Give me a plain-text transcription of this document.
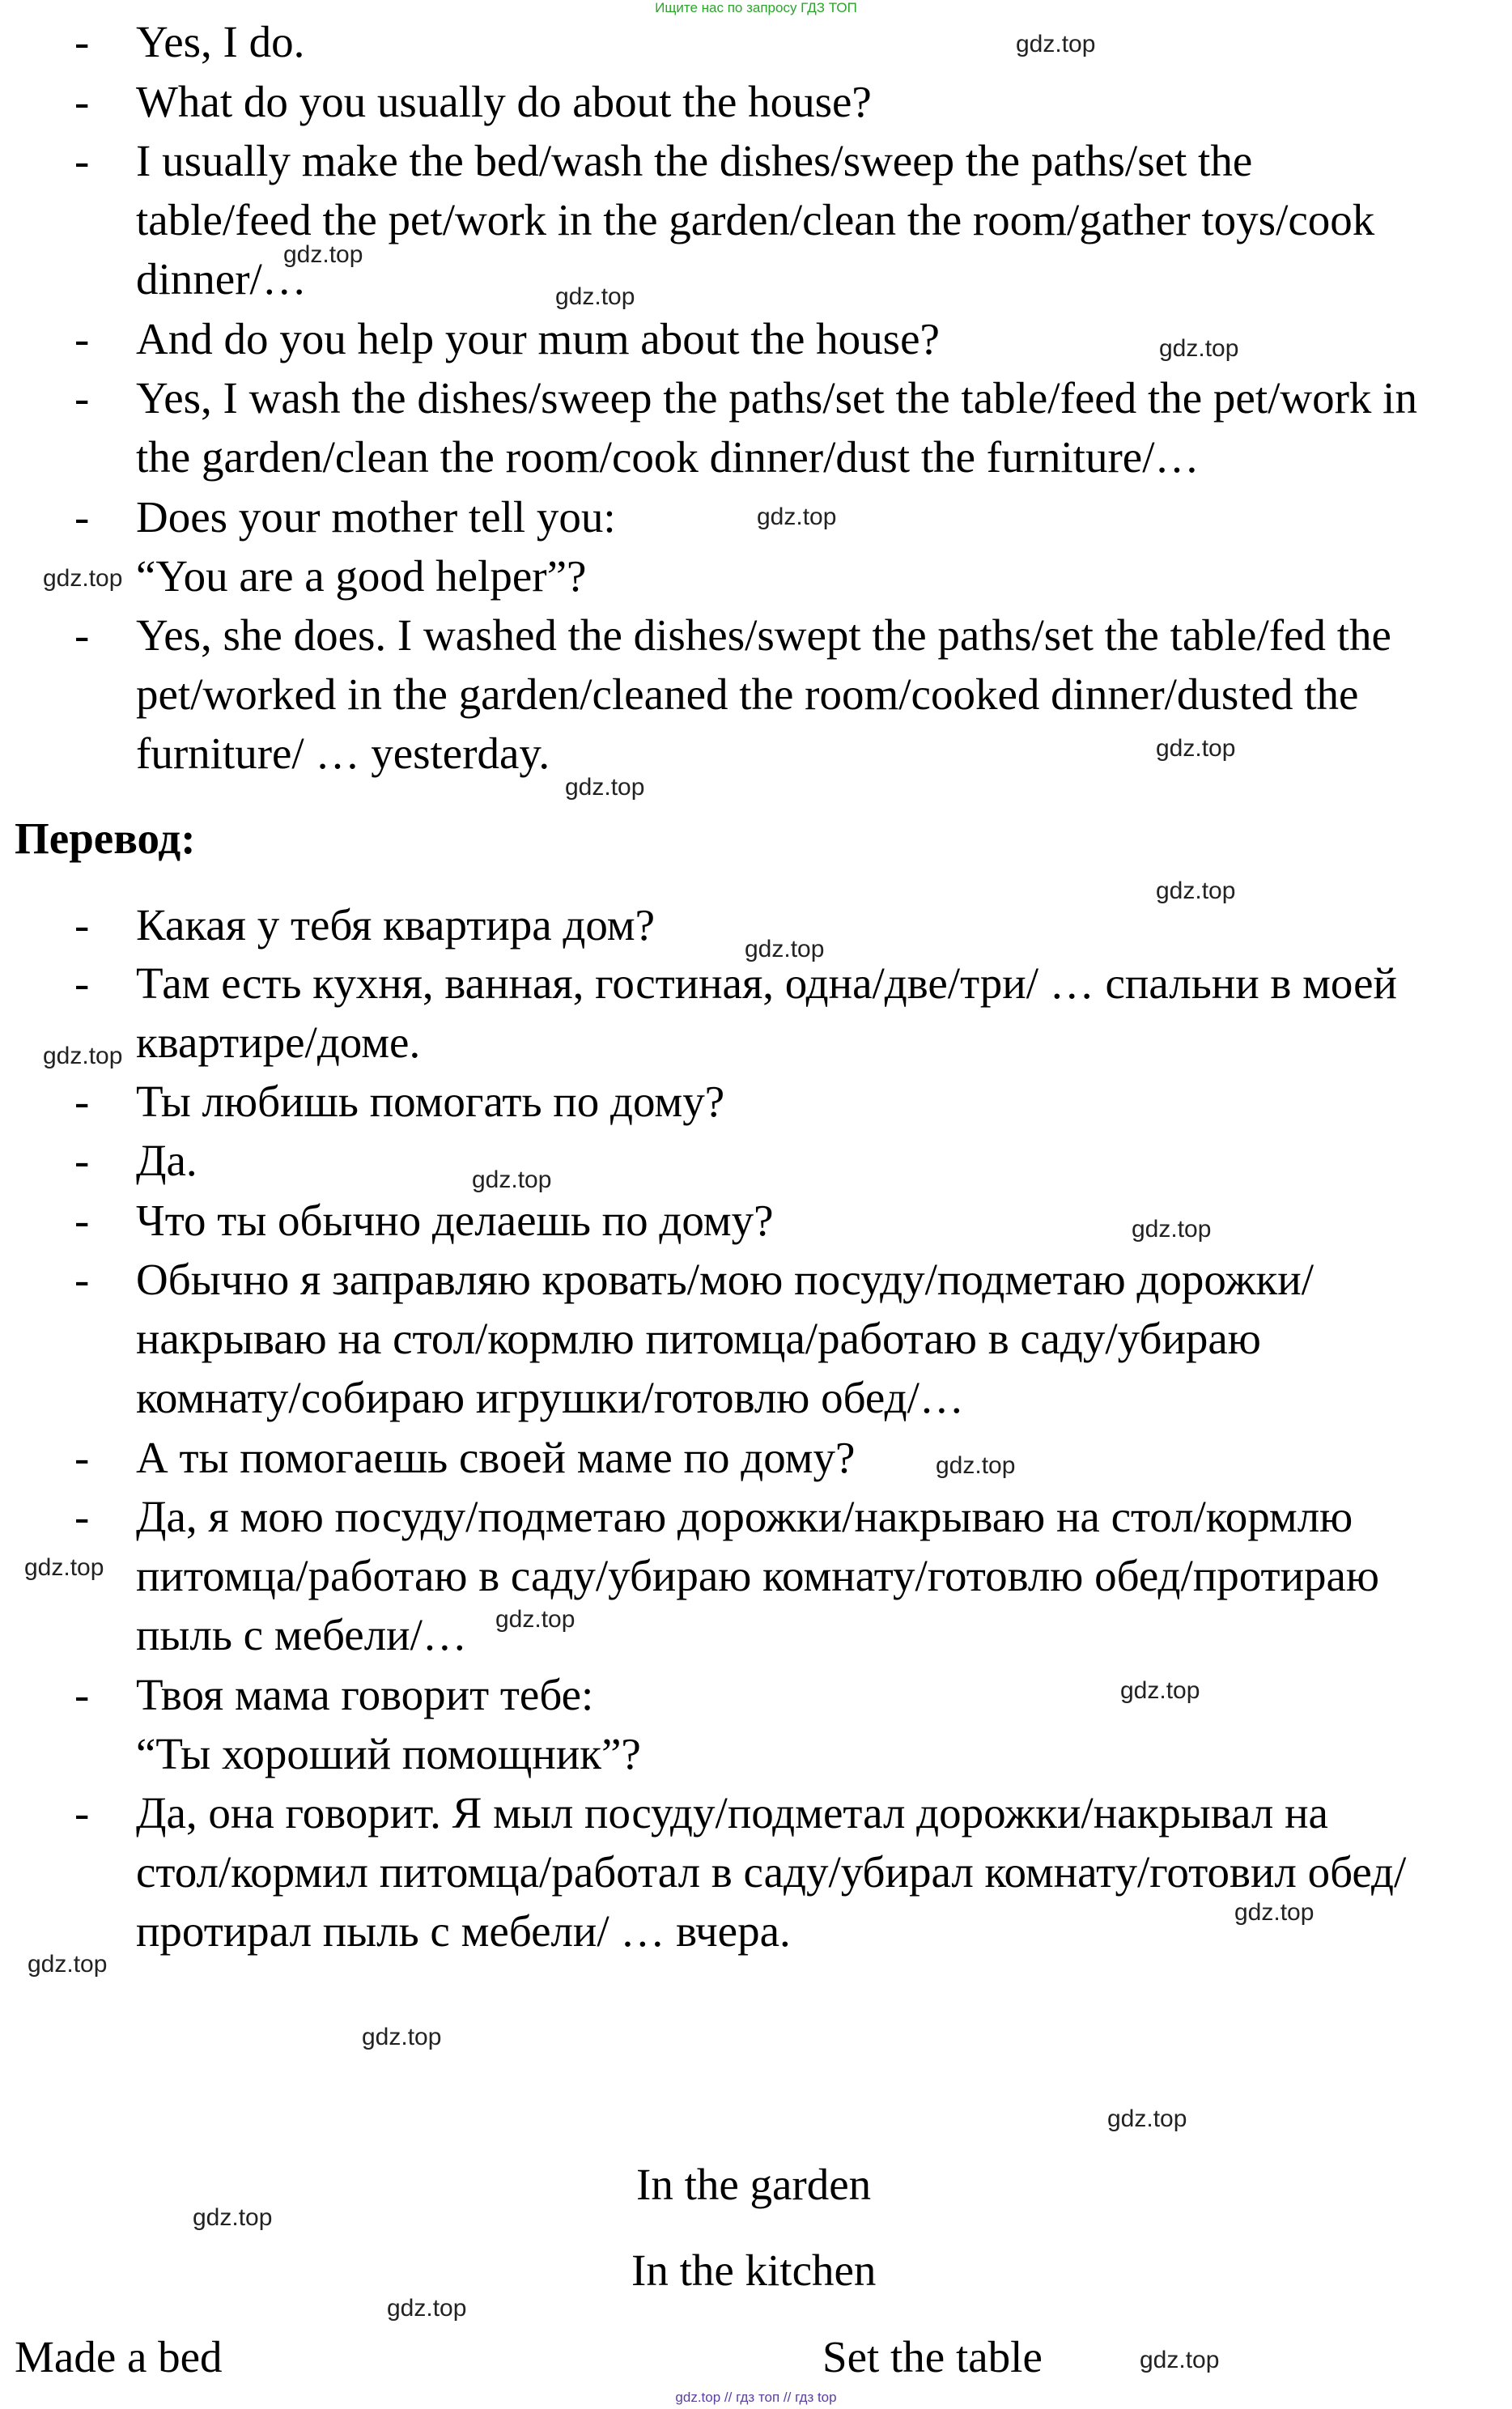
Ищите нас по запросу ГДЗ ТОП
- Yes, I do.
- What do you usually do about the house?
- I usually make the bed/wash the dishes/sweep the paths/set the
table/feed the pet/work in the garden/clean the room/gather toys/cook
dinner/…
- And do you help your mum about the house?
- Yes, I wash the dishes/sweep the paths/set the table/feed the pet/work in
the garden/clean the room/cook dinner/dust the furniture/…
- Does your mother tell you:
“You are a good helper”?
- Yes, she does. I washed the dishes/swept the paths/set the table/fed the
pet/worked in the garden/cleaned the room/cooked dinner/dusted the
furniture/ … yesterday.
Перевод:
- Какая у тебя квартира дом?
- Там есть кухня, ванная, гостиная, одна/две/три/ … спальни в моей
квартире/доме.
- Ты любишь помогать по дому?
- Да.
- Что ты обычно делаешь по дому?
- Обычно я заправляю кровать/мою посуду/подметаю дорожки/
накрываю на стол/кормлю питомца/работаю в саду/убираю
комнату/собираю игрушки/готовлю обед/…
- А ты помогаешь своей маме по дому?
- Да, я мою посуду/подметаю дорожки/накрываю на стол/кормлю
питомца/работаю в саду/убираю комнату/готовлю обед/протираю
пыль с мебели/…
- Твоя мама говорит тебе:
“Ты хороший помощник”?
- Да, она говорит. Я мыл посуду/подметал дорожки/накрывал на
стол/кормил питомца/работал в саду/убирал комнату/готовил обед/
протирал пыль с мебели/ … вчера.
In the garden
In the kitchen
Made a bed	Set the table
gdz.top
gdz.top
gdz.top
gdz.top
gdz.top
gdz.top
gdz.top
gdz.top
gdz.top
gdz.top
gdz.top
gdz.top
gdz.top
gdz.top
gdz.top
gdz.top
gdz.top
gdz.top
gdz.top
gdz.top
gdz.top
gdz.top
gdz.top
gdz.top
gdz.top // гдз топ // гдз top
